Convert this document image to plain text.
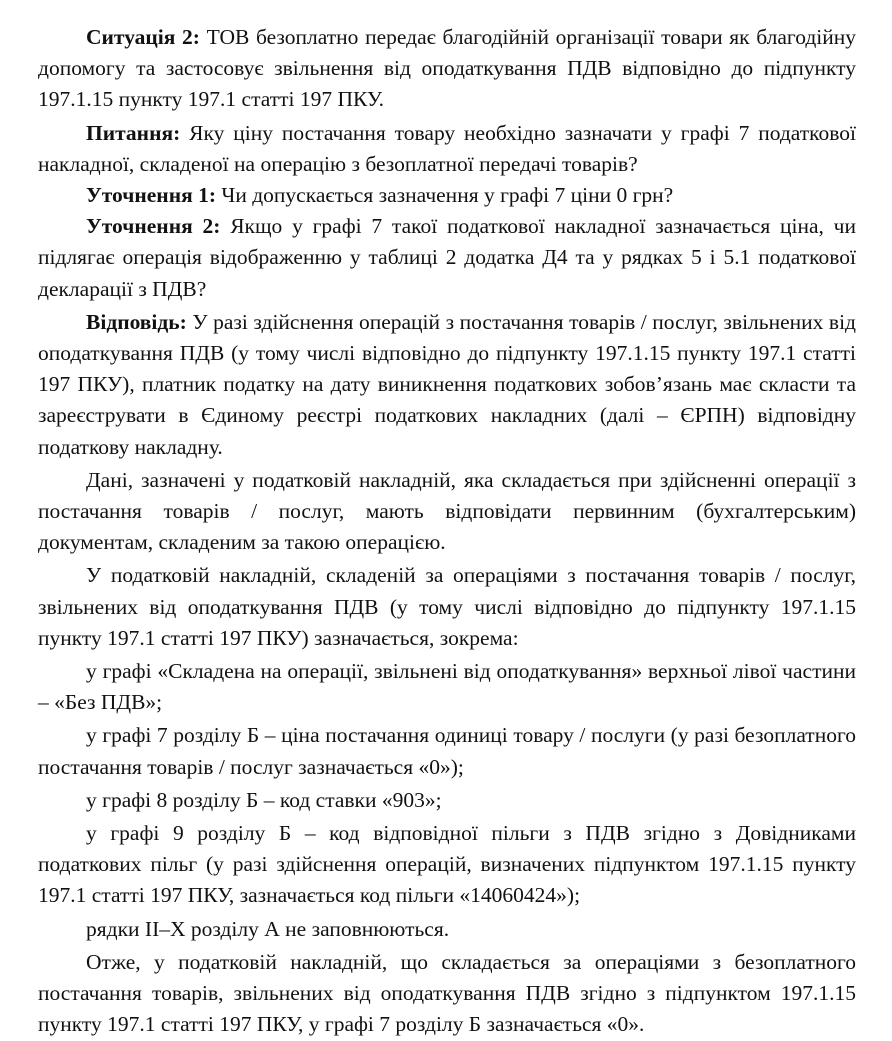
Ситуація 2: ТОВ безоплатно передає благодійній організації товари як благодійну допомогу та застосовує звільнення від оподаткування ПДВ відповідно до підпункту 197.1.15 пункту 197.1 статті 197 ПКУ.

Питання: Яку ціну постачання товару необхідно зазначати у графі 7 податкової накладної, складеної на операцію з безоплатної передачі товарів?

Уточнення 1: Чи допускається зазначення у графі 7 ціни 0 грн?

Уточнення 2: Якщо у графі 7 такої податкової накладної зазначається ціна, чи підлягає операція відображенню у таблиці 2 додатка Д4 та у рядках 5 і 5.1 податкової декларації з ПДВ?

Відповідь: У разі здійснення операцій з постачання товарів / послуг, звільнених від оподаткування ПДВ (у тому числі відповідно до підпункту 197.1.15 пункту 197.1 статті 197 ПКУ), платник податку на дату виникнення податкових зобов’язань має скласти та зареєструвати в Єдиному реєстрі податкових накладних (далі – ЄРПН) відповідну податкову накладну.

Дані, зазначені у податковій накладній, яка складається при здійсненні операції з постачання товарів / послуг, мають відповідати первинним (бухгалтерським) документам, складеним за такою операцією.

У податковій накладній, складеній за операціями з постачання товарів / послуг, звільнених від оподаткування ПДВ (у тому числі відповідно до підпункту 197.1.15 пункту 197.1 статті 197 ПКУ) зазначається, зокрема:

у графі «Складена на операції, звільнені від оподаткування» верхньої лівої частини – «Без ПДВ»;

у графі 7 розділу Б – ціна постачання одиниці товару / послуги (у разі безоплатного постачання товарів / послуг зазначається «0»);

у графі 8 розділу Б – код ставки «903»;

у графі 9 розділу Б – код відповідної пільги з ПДВ згідно з Довідниками податкових пільг (у разі здійснення операцій, визначених підпунктом 197.1.15 пункту 197.1 статті 197 ПКУ, зазначається код пільги «14060424»);

рядки II–X розділу А не заповнюються.

Отже, у податковій накладній, що складається за операціями з безоплатного постачання товарів, звільнених від оподаткування ПДВ згідно з підпунктом 197.1.15 пункту 197.1 статті 197 ПКУ, у графі 7 розділу Б зазначається «0».
